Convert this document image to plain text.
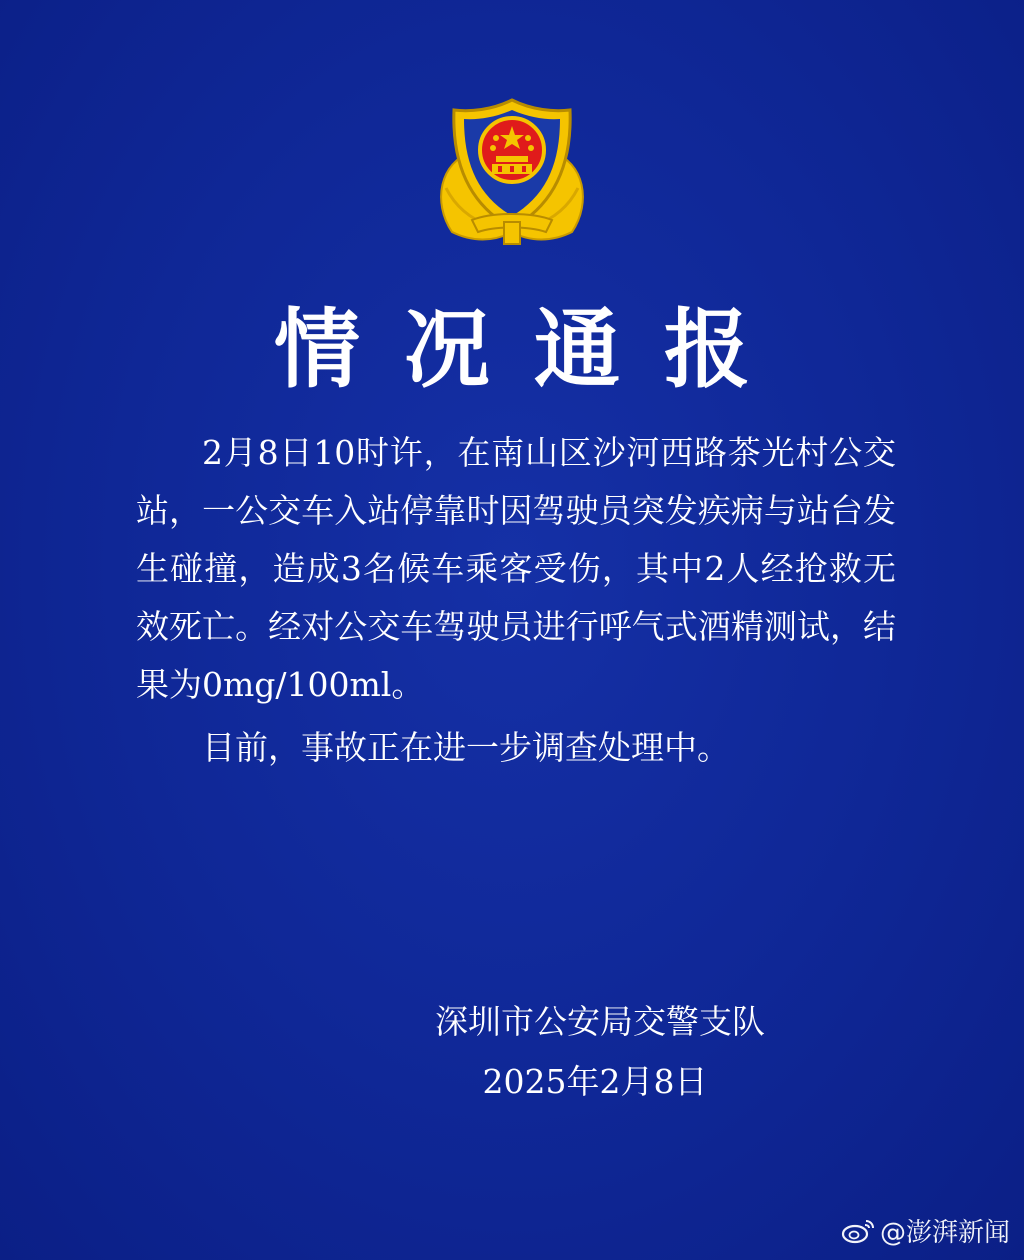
情况通报

2月8日10时许，在南山区沙河西路茶光村公交站，一公交车入站停靠时因驾驶员突发疾病与站台发生碰撞，造成3名候车乘客受伤，其中2人经抢救无效死亡。经对公交车驾驶员进行呼气式酒精测试，结果为0mg/100ml。

目前，事故正在进一步调查处理中。

深圳市公安局交警支队
2025年2月8日
@澎湃新闻
